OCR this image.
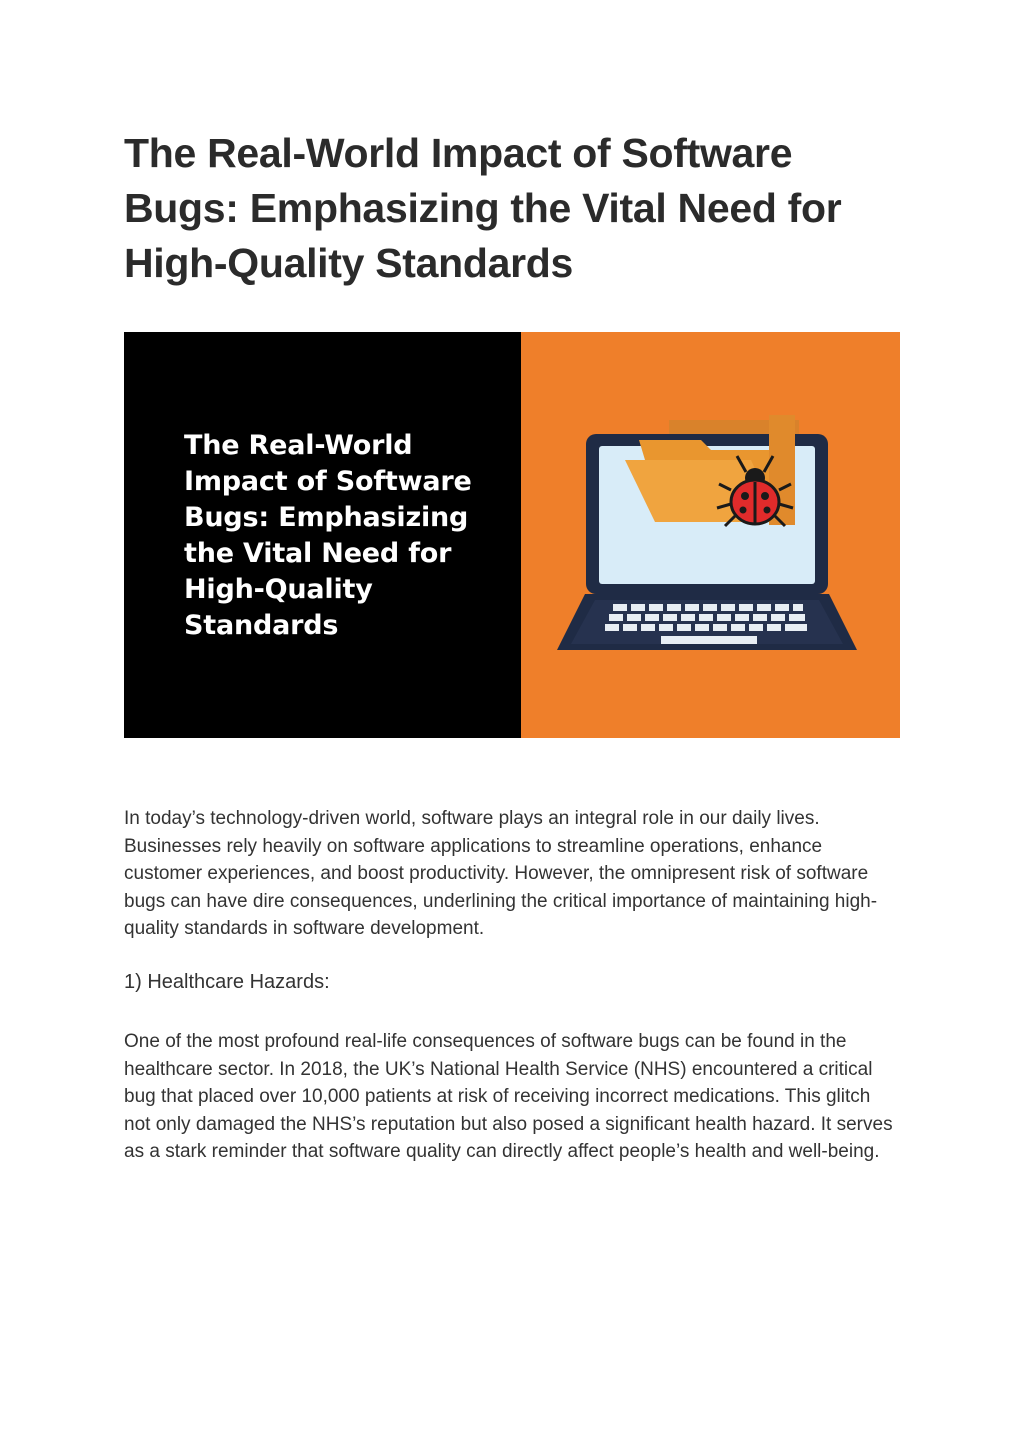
The Real-World Impact of Software Bugs: Emphasizing the Vital Need for High-Quality Standards

The Real-World Impact of Software Bugs: Emphasizing the Vital Need for High-Quality Standards

In today’s technology-driven world, software plays an integral role in our daily lives. Businesses rely heavily on software applications to streamline operations, enhance customer experiences, and boost productivity. However, the omnipresent risk of software bugs can have dire consequences, underlining the critical importance of maintaining high-quality standards in software development.

1) Healthcare Hazards:

One of the most profound real-life consequences of software bugs can be found in the healthcare sector. In 2018, the UK’s National Health Service (NHS) encountered a critical bug that placed over 10,000 patients at risk of receiving incorrect medications. This glitch not only damaged the NHS’s reputation but also posed a significant health hazard. It serves as a stark reminder that software quality can directly affect people’s health and well-being.
